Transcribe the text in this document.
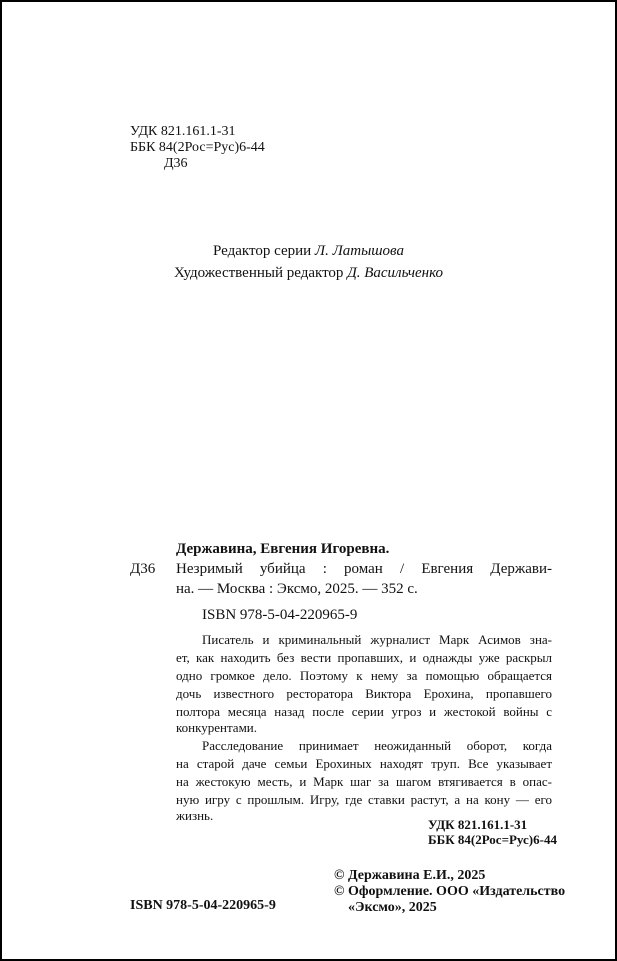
УДК 821.161.1-31
ББК 84(2Рос=Рус)6-44
Д36
Редактор серии Л. Латышова
Художественный редактор Д. Васильченко
Державина, Евгения Игоревна.
Д36 Незримый убийца : роман / Евгения Держави-
на. — Москва : Эксмо, 2025. — 352 с.
ISBN 978-5-04-220965-9
Писатель и криминальный журналист Марк Асимов зна-
ет, как находить без вести пропавших, и однажды уже раскрыл
одно громкое дело. Поэтому к нему за помощью обращается
дочь известного ресторатора Виктора Ерохина, пропавшего
полтора месяца назад после серии угроз и жестокой войны с
конкурентами.
Расследование принимает неожиданный оборот, когда
на старой даче семьи Ерохиных находят труп. Все указывает
на жестокую месть, и Марк шаг за шагом втягивается в опас-
ную игру с прошлым. Игру, где ставки растут, а на кону — его
жизнь.
УДК 821.161.1-31
ББК 84(2Рос=Рус)6-44
ISBN 978-5-04-220965-9
© Державина Е.И., 2025
© Оформление. ООО «Издательство
«Эксмо», 2025
